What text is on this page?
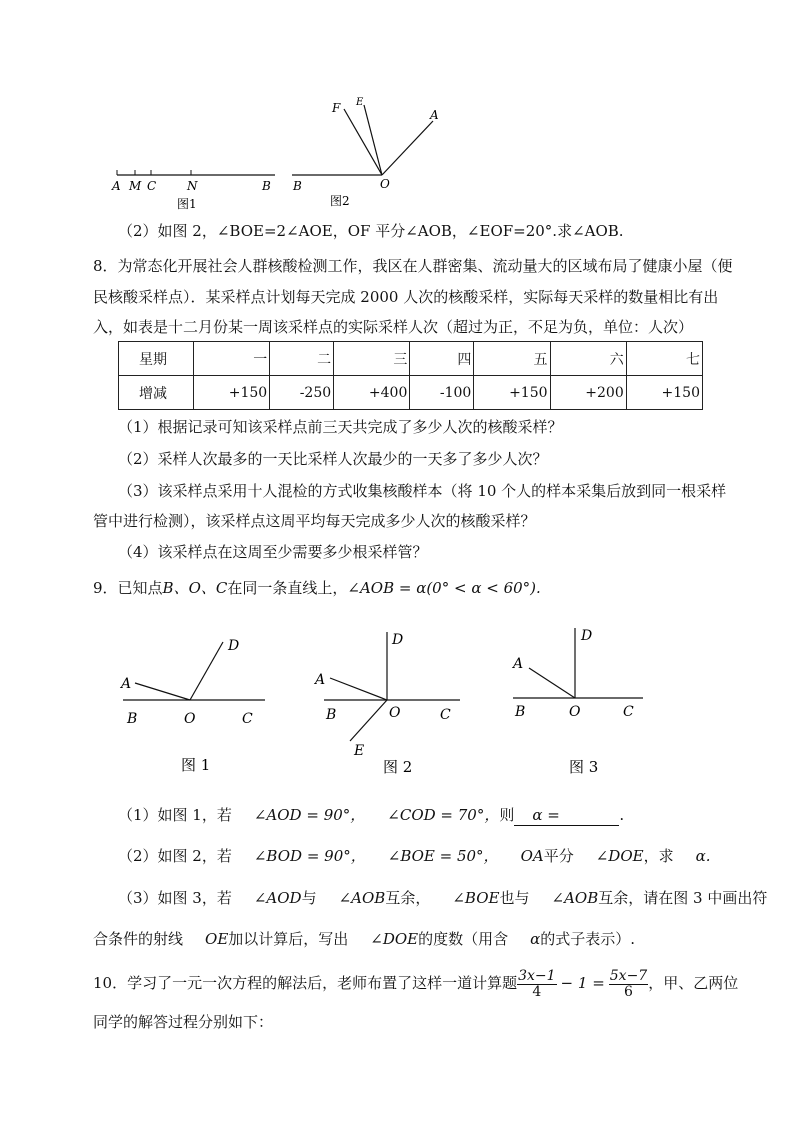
A M C	N	B
图1
F E
A
B	O
图2
（2）如图 2，∠BOE=2∠AOE，OF 平分∠AOB，∠EOF=20°.求∠AOB.
8．为常态化开展社会人群核酸检测工作，我区在人群密集、流动量大的区域布局了健康小屋（便
民核酸采样点）．某采样点计划每天完成 2000 人次的核酸采样，实际每天采样的数量相比有出
入，如表是十二月份某一周该采样点的实际采样人次（超过为正，不足为负，单位：人次）
星期	一	二	三	四	五	六	七
增减	+150	-250	+400	-100	+150	+200	+150
（1）根据记录可知该采样点前三天共完成了多少人次的核酸采样？
（2）采样人次最多的一天比采样人次最少的一天多了多少人次？
（3）该采样点采用十人混检的方式收集核酸样本（将 10 个人的样本采集后放到同一根采样
管中进行检测），该采样点这周平均每天完成多少人次的核酸采样？
（4）该采样点在这周至少需要多少根采样管？
9．已知点B、O、C在同一条直线上，∠AOB = α(0° < α < 60°).
D
A
B	O	C
图 1
D
A
B	O	C
E
图 2
D
A
B	O	C
图 3
（1）如图 1，若 ∠AOD = 90°， ∠COD = 70°，则 α =	.
（2）如图 2，若 ∠BOD = 90°， ∠BOE = 50°， OA平分 ∠DOE，求 α.
（3）如图 3，若 ∠AOD与 ∠AOB互余， ∠BOE也与 ∠AOB互余，请在图 3 中画出符
合条件的射线 OE加以计算后，写出 ∠DOE的度数（用含 α的式子表示）.
10．学习了一元一次方程的解法后，老师布置了这样一道计算题 $\frac{3x-1}{4} - 1 = \frac{5x-7}{6}$ ，甲、乙两位
同学的解答过程分别如下：
